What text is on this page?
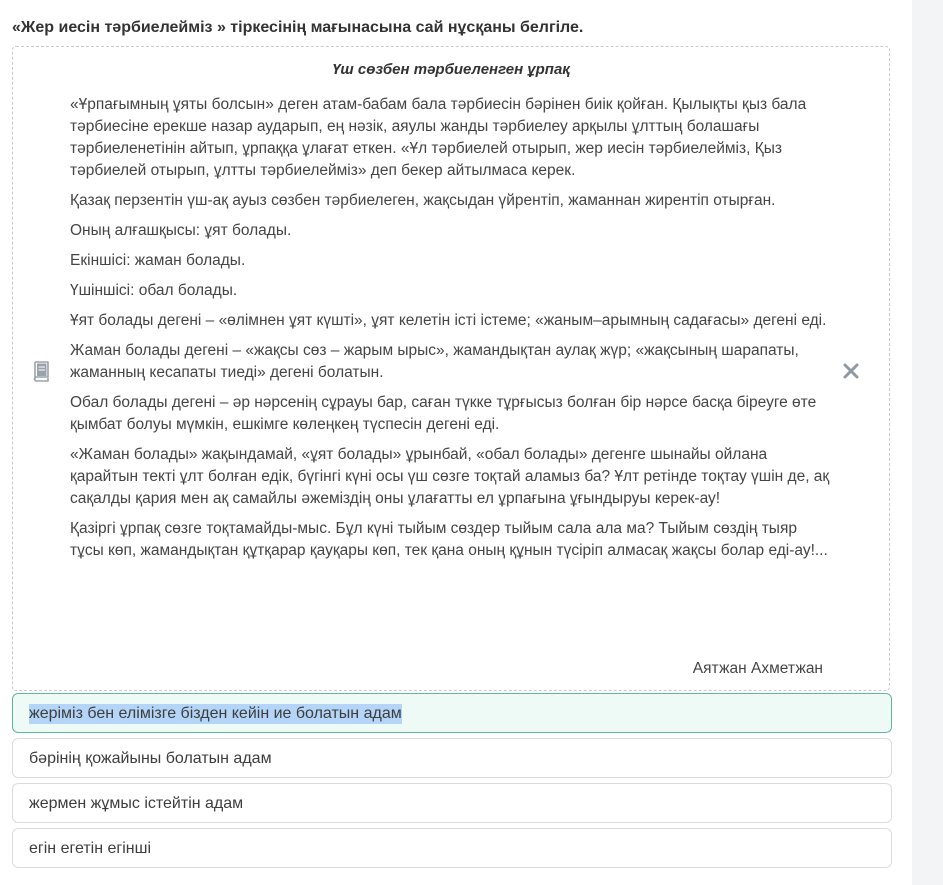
«Жер иесін тәрбиелейміз » тіркесінің мағынасына сай нұсқаны белгіле.
Үш сөзбен тәрбиеленген ұрпақ

«Ұрпағымның ұяты болсын» деген атам-бабам бала тәрбиесін бәрінен биік қойған. Қылықты қыз бала тәрбиесіне ерекше назар аударып, ең нәзік, аяулы жанды тәрбиелеу арқылы ұлттың болашағы тәрбиеленетінін айтып, ұрпаққа ұлағат еткен. «Ұл тәрбиелей отырып, жер иесін тәрбиелейміз, Қыз тәрбиелей отырып, ұлтты тәрбиелейміз» деп бекер айтылмаса керек.

Қазақ перзентін үш-ақ ауыз сөзбен тәрбиелеген, жақсыдан үйрентіп, жаманнан жирентіп отырған.

Оның алғашқысы: ұят болады.

Екіншісі: жаман болады.

Үшіншісі: обал болады.

Ұят болады дегені – «өлімнен ұят күшті», ұят келетін істі істеме; «жаным–арымның садағасы» дегені еді.

Жаман болады дегені – «жақсы сөз – жарым ырыс», жамандықтан аулақ жүр; «жақсының шарапаты, жаманның кесапаты тиеді» дегені болатын.

Обал болады дегені – әр нәрсенің сұрауы бар, саған түкке тұрғысыз болған бір нәрсе басқа біреуге өте қымбат болуы мүмкін, ешкімге көлеңкең түспесін дегені еді.

«Жаман болады» жақындамай, «ұят болады» ұрынбай, «обал болады» дегенге шынайы ойлана қарайтын текті ұлт болған едік, бүгінгі күні осы үш сөзге тоқтай аламыз ба? Ұлт ретінде тоқтау үшін де, ақ сақалды қария мен ақ самайлы әжеміздің оны ұлағатты ел ұрпағына ұғындыруы керек-ау!

Қазіргі ұрпақ сөзге тоқтамайды-мыс. Бұл күні тыйым сөздер тыйым сала ала ма? Тыйым сөздің тыяр тұсы көп, жамандықтан құтқарар қауқары көп, тек қана оның құнын түсіріп алмасақ жақсы болар еді-ау!...

Аятжан Ахметжан
жеріміз бен елімізге бізден кейін ие болатын адам
бәрінің қожайыны болатын адам
жермен жұмыс істейтін адам
егін егетін егінші
